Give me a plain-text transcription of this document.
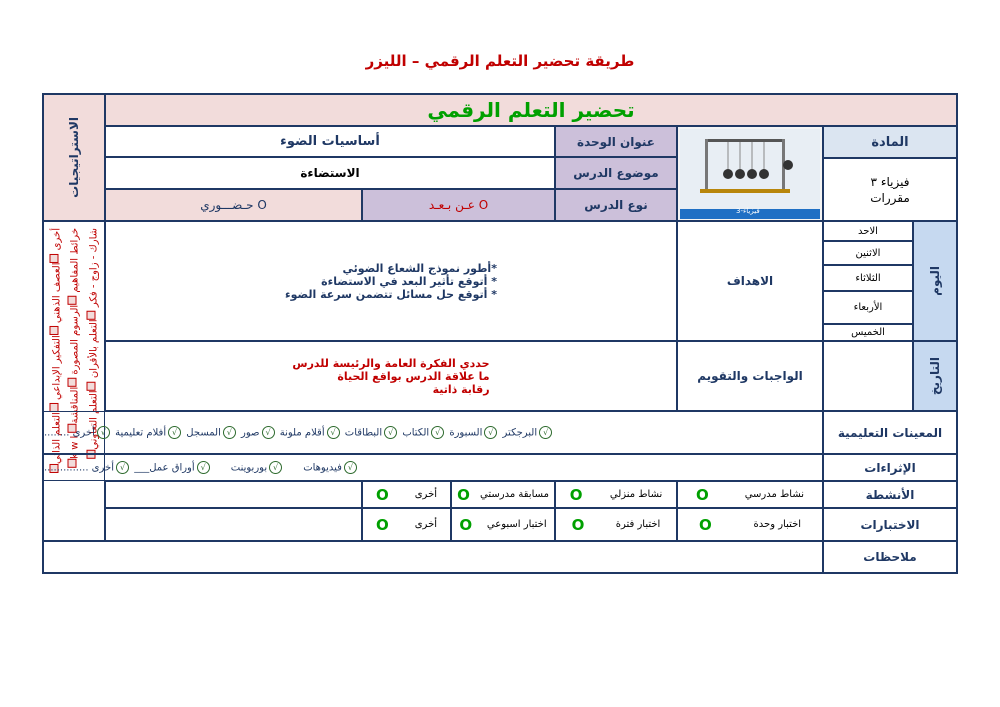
طريقة تحضير التعلم الرقمي – الليزر
الاستراتيجيات
أخرى العصف الذهني التفكير الإبداعي التعلم الذاتي k w l خرائط المفاهيم الرسوم المصورة المناقشة
شارك - زاوج - فكر التعلم بالأقران التعلم التعاوني
تحضير التعلم الرقمي
المادة
فيزياء ٣
مقررات
فيزياء-3
عنوان الوحدة
أساسيات الضوء
موضوع الدرس
الاستضاءة
نوع الدرس
عـن بـعـد O
حـضـــوري O
اليوم
الاحد
الاثنين
الثلاثاء
الأربعاء
الخميس
التاريخ
الاهداف
*أطور نموذج الشعاع الضوئي
* أتوقع تأثير البعد في الاستضاءة
* أتوقع حل مسائل تتضمن سرعة الضوء
الواجبات والتقويم
حددي الفكرة العامة والرئيسة للدرس
ما علاقة الدرس بواقع الحياة
رقابة ذاتية
المعينات التعليمية
√البرجكتر

√السبورة

√الكتاب

√البطاقات

√أقلام ملونة

√صور

√المسجل

√أفلام تعليمية

√أخرى ........
الإثراءات
√فيديوهات

√بوربوينت

√أوراق عمل___

√أخرى ..............
الأنشطة
نشاط مدرسي
O
نشاط منزلي
O
مسابقة مدرستي
O
أخرى
O
الاختبارات
اختبار وحدة
O
اختبار فترة
O
اختبار اسبوعي
O
أخرى
O
ملاحظات
